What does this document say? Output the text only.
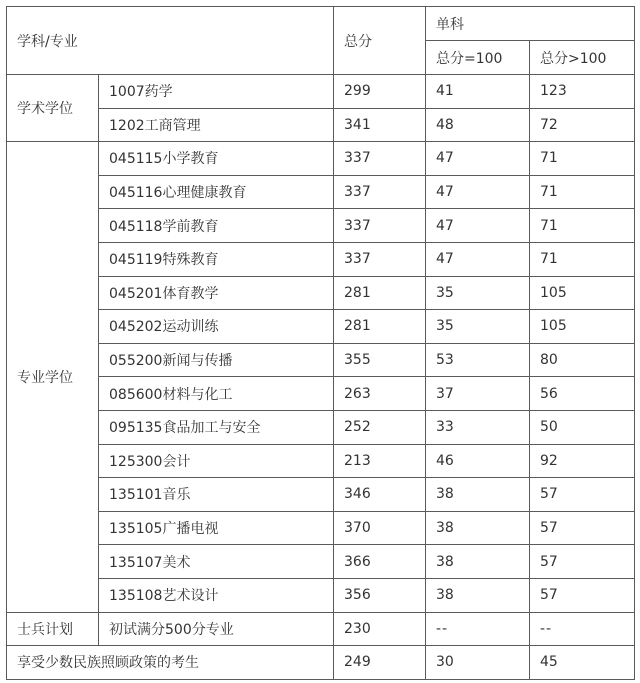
学科/专业		总分	单科	
			总分=100	总分>100
学术学位	1007药学	299	41	123
	1202工商管理	341	48	72
专业学位	045115小学教育	337	47	71
	045116心理健康教育	337	47	71
	045118学前教育	337	47	71
	045119特殊教育	337	47	71
	045201体育教学	281	35	105
	045202运动训练	281	35	105
	055200新闻与传播	355	53	80
	085600材料与化工	263	37	56
	095135食品加工与安全	252	33	50
	125300会计	213	46	92
	135101音乐	346	38	57
	135105广播电视	370	38	57
	135107美术	366	38	57
	135108艺术设计	356	38	57
士兵计划	初试满分500分专业	230	--	--
享受少数民族照顾政策的考生		249	30	45
